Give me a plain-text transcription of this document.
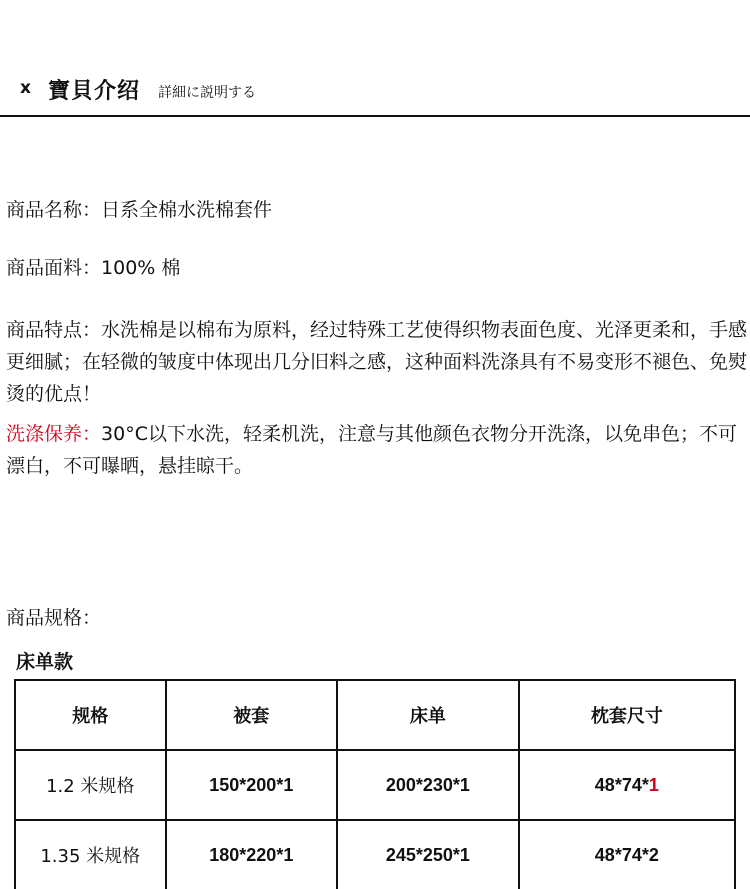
x 寶貝介绍 詳細に説明する
商品名称：日系全棉水洗棉套件
商品面料：100% 棉
商品特点：水洗棉是以棉布为原料，经过特殊工艺使得织物表面色度、光泽更柔和，手感更细腻；在轻微的皱度中体现出几分旧料之感，这种面料洗涤具有不易变形不褪色、免熨烫的优点！
洗涤保养：30°C以下水洗，轻柔机洗，注意与其他颜色衣物分开洗涤，以免串色；不可漂白，不可曝晒，悬挂晾干。
商品规格：
床单款
规格	被套	床单	枕套尺寸
1.2 米规格	150*200*1	200*230*1	48*74*1
1.35 米规格	180*220*1	245*250*1	48*74*2
